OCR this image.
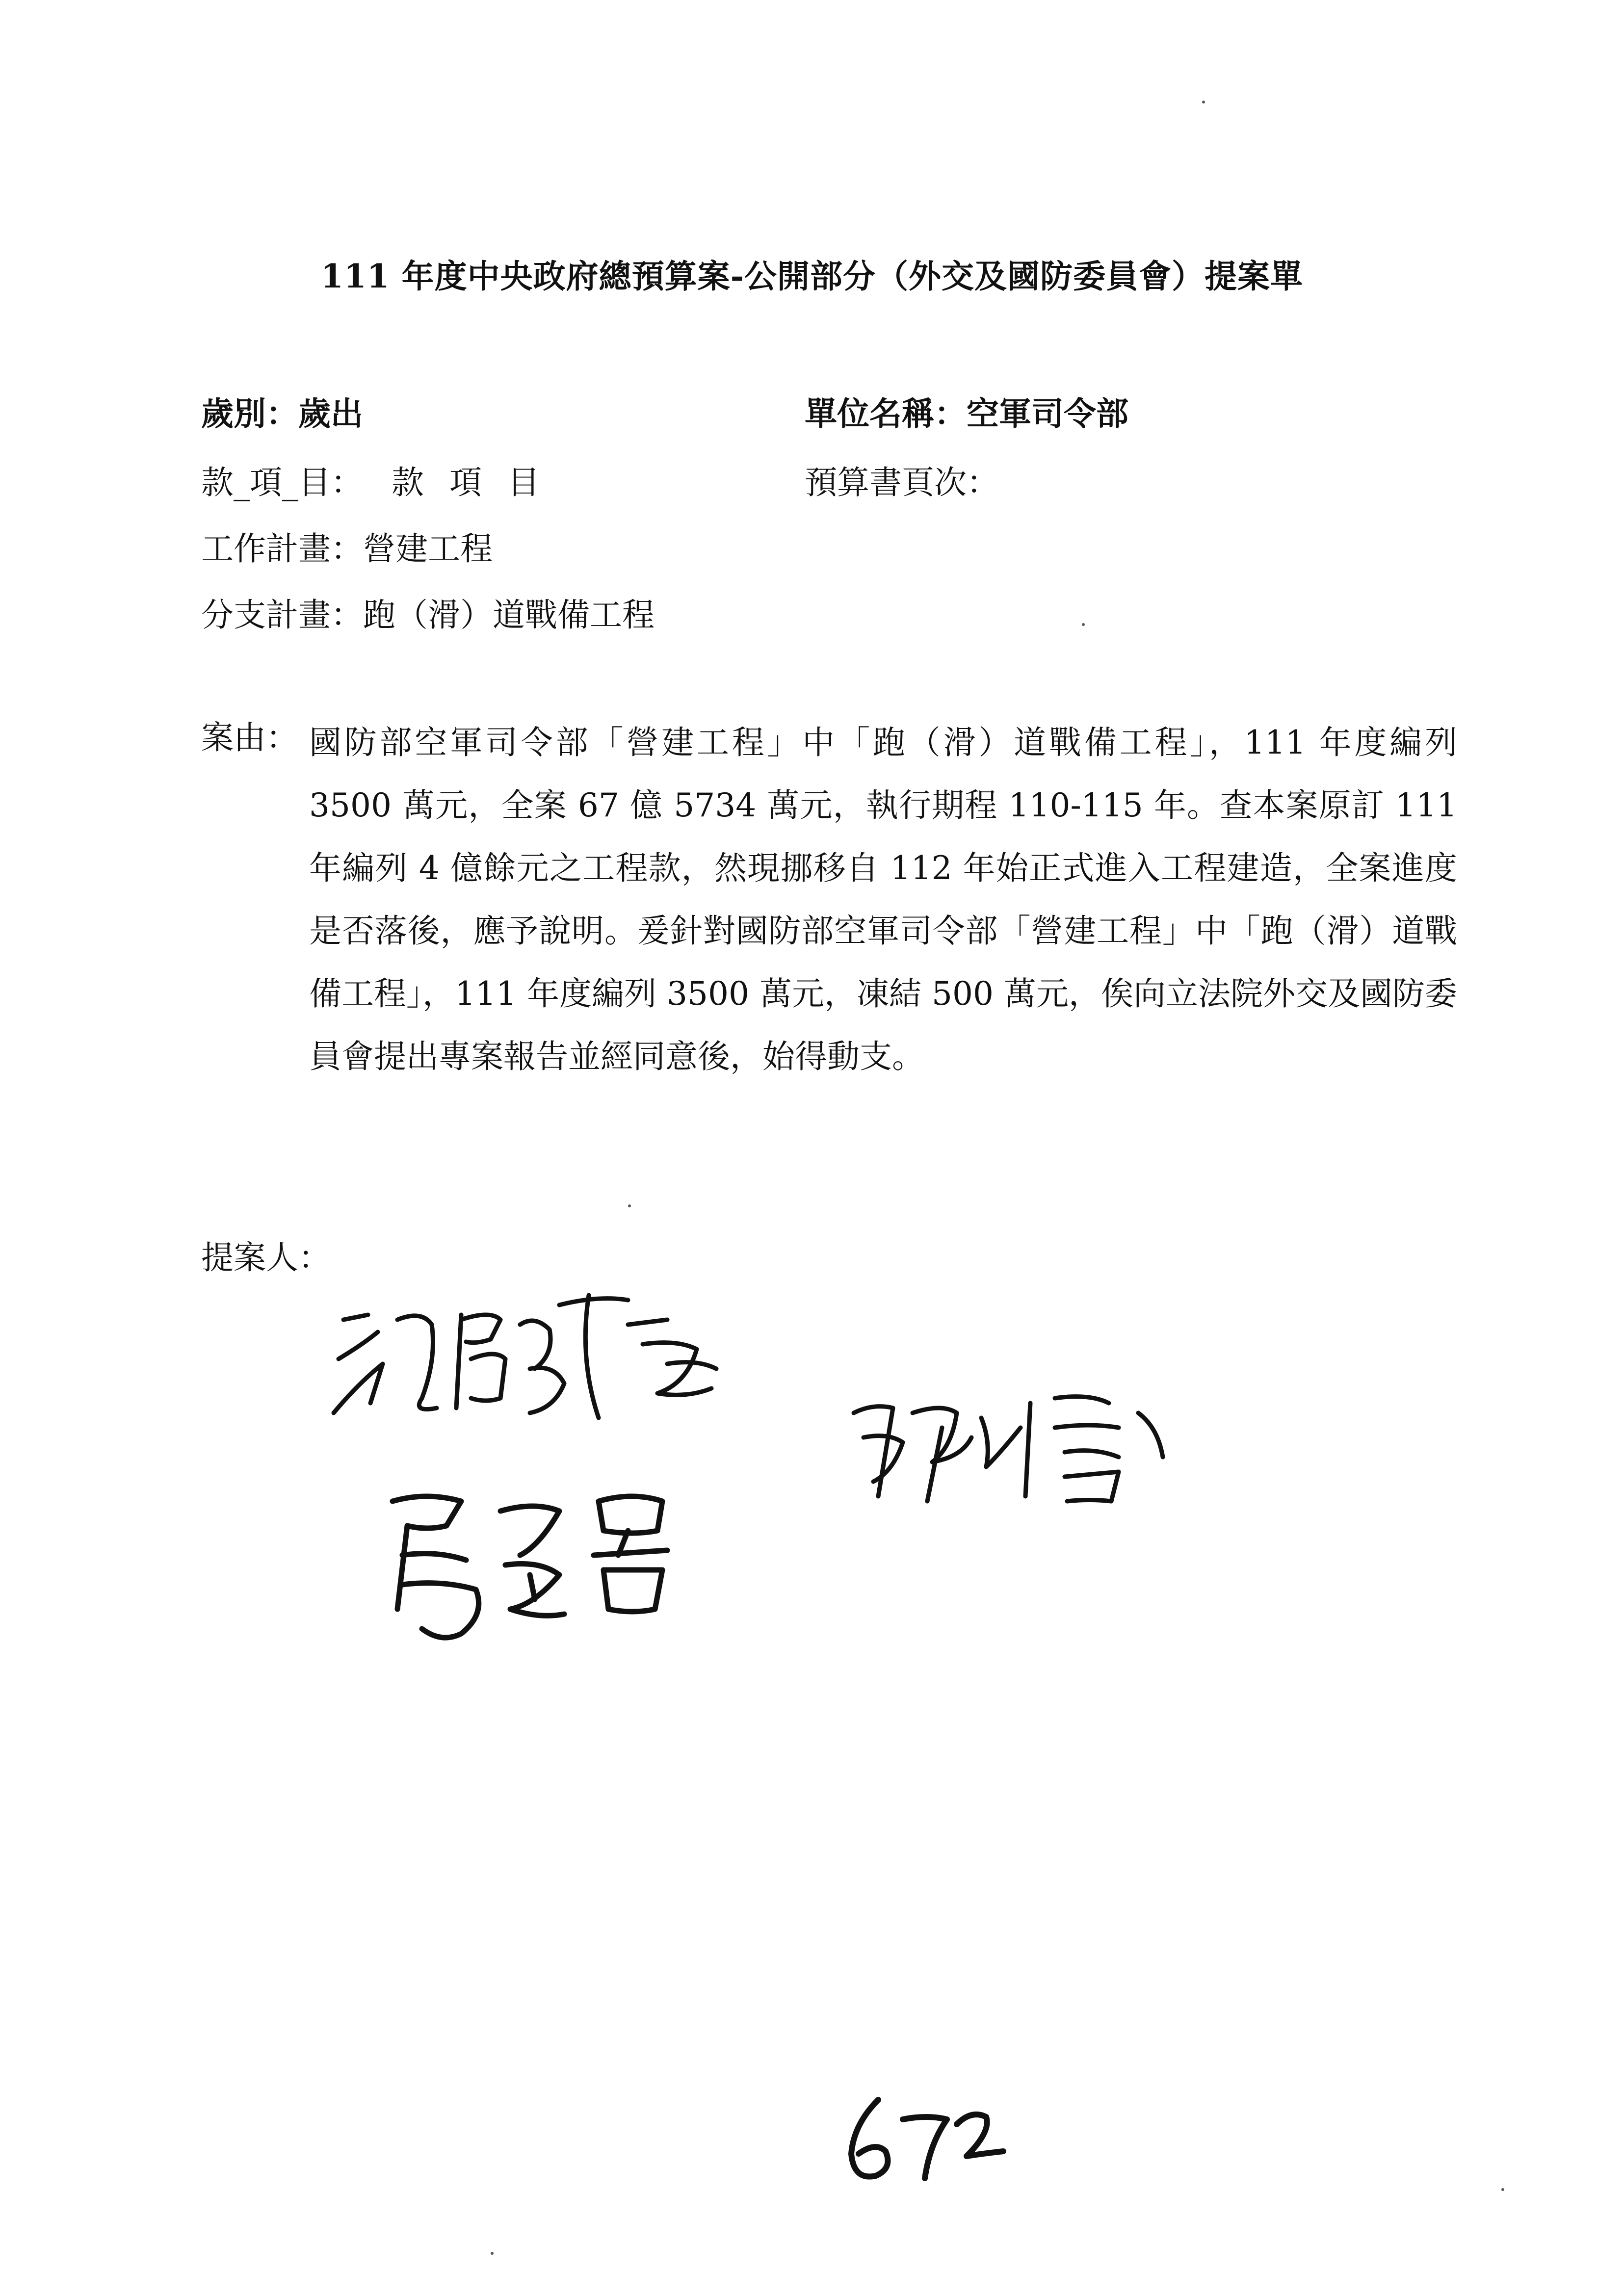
111 年度中央政府總預算案-公開部分（外交及國防委員會）提案單
歲別：歲出	單位名稱：空軍司令部
款_項_目： 款 項 目	預算書頁次：
工作計畫：營建工程
分支計畫：跑（滑）道戰備工程
案由： 國防部空軍司令部「營建工程」中「跑（滑）道戰備工程」，111 年度編列 3500 萬元，全案 67 億 5734 萬元，執行期程 110-115 年。查本案原訂 111 年編列 4 億餘元之工程款，然現挪移自 112 年始正式進入工程建造，全案進度是否落後，應予說明。爰針對國防部空軍司令部「營建工程」中「跑（滑）道戰備工程」，111 年度編列 3500 萬元，凍結 500 萬元，俟向立法院外交及國防委員會提出專案報告並經同意後，始得動支。

提案人：
